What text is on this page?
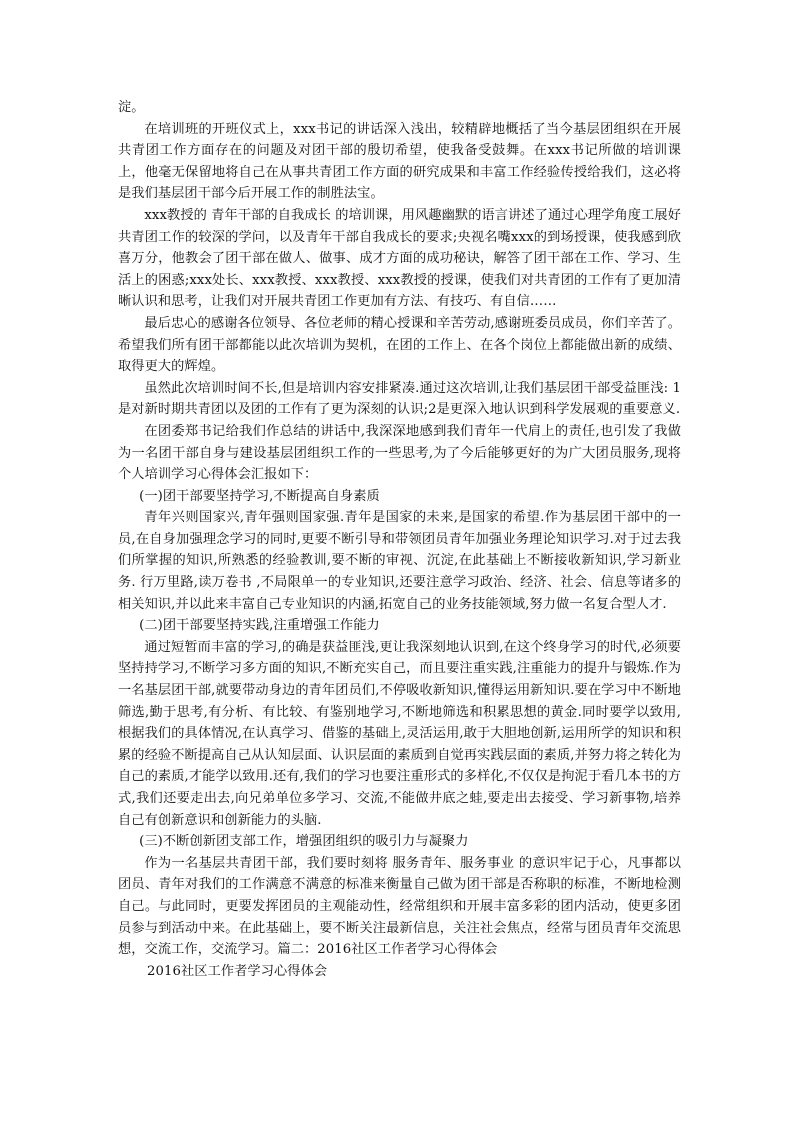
淀。

在培训班的开班仪式上，xxx书记的讲话深入浅出，较精辟地概括了当今基层团组织在开展共青团工作方面存在的问题及对团干部的殷切希望，使我备受鼓舞。在xxx书记所做的培训课上，他毫无保留地将自己在从事共青团工作方面的研究成果和丰富工作经验传授给我们，这必将是我们基层团干部今后开展工作的制胜法宝。

xxx教授的 青年干部的自我成长 的培训课，用风趣幽默的语言讲述了通过心理学角度工展好共青团工作的较深的学问，以及青年干部自我成长的要求;央视名嘴xxx的到场授课，使我感到欣喜万分，他教会了团干部在做人、做事、成才方面的成功秘诀，解答了团干部在工作、学习、生活上的困惑;xxx处长、xxx教授、xxx教授、xxx教授的授课，使我们对共青团的工作有了更加清晰认识和思考，让我们对开展共青团工作更加有方法、有技巧、有自信……

最后忠心的感谢各位领导、各位老师的精心授课和辛苦劳动,感谢班委员成员，你们辛苦了。希望我们所有团干部都能以此次培训为契机，在团的工作上、在各个岗位上都能做出新的成绩、取得更大的辉煌。

虽然此次培训时间不长,但是培训内容安排紧凑.通过这次培训,让我们基层团干部受益匪浅: 1是对新时期共青团以及团的工作有了更为深刻的认识;2是更深入地认识到科学发展观的重要意义.

在团委郑书记给我们作总结的讲话中,我深深地感到我们青年一代肩上的责任,也引发了我做为一名团干部自身与建设基层团组织工作的一些思考,为了今后能够更好的为广大团员服务,现将个人培训学习心得体会汇报如下：

(一)团干部要坚持学习,不断提高自身素质

青年兴则国家兴,青年强则国家强.青年是国家的未来,是国家的希望.作为基层团干部中的一员,在自身加强理念学习的同时,更要不断引导和带领团员青年加强业务理论知识学习.对于过去我们所掌握的知识,所熟悉的经验教训,要不断的审视、沉淀,在此基础上不断接收新知识,学习新业务. 行万里路,读万卷书 ,不局限单一的专业知识,还要注意学习政治、经济、社会、信息等诸多的相关知识,并以此来丰富自己专业知识的内涵,拓宽自己的业务技能领域,努力做一名复合型人才.

(二)团干部要坚持实践,注重增强工作能力

通过短暂而丰富的学习,的确是获益匪浅,更让我深刻地认识到,在这个终身学习的时代,必须要坚持持学习,不断学习多方面的知识,不断充实自己，而且要注重实践,注重能力的提升与锻炼.作为一名基层团干部,就要带动身边的青年团员们,不停吸收新知识,懂得运用新知识.要在学习中不断地筛选,勤于思考,有分析、有比较、有鉴别地学习,不断地筛选和积累思想的黄金.同时要学以致用,根据我们的具体情况,在认真学习、借鉴的基础上,灵活运用,敢于大胆地创新,运用所学的知识和积累的经验不断提高自己从认知层面、认识层面的素质到自觉再实践层面的素质,并努力将之转化为自己的素质,才能学以致用.还有,我们的学习也要注重形式的多样化,不仅仅是拘泥于看几本书的方式,我们还要走出去,向兄弟单位多学习、交流,不能做井底之蛙,要走出去接受、学习新事物,培养自己有创新意识和创新能力的头脑.

(三)不断创新团支部工作，增强团组织的吸引力与凝聚力

作为一名基层共青团干部，我们要时刻将 服务青年、服务事业 的意识牢记于心，凡事都以团员、青年对我们的工作满意不满意的标准来衡量自己做为团干部是否称职的标准，不断地检测自己。与此同时，更要发挥团员的主观能动性，经常组织和开展丰富多彩的团内活动，使更多团员参与到活动中来。在此基础上，要不断关注最新信息，关注社会焦点，经常与团员青年交流思想，交流工作，交流学习。篇二：2016社区工作者学习心得体会

2016社区工作者学习心得体会
